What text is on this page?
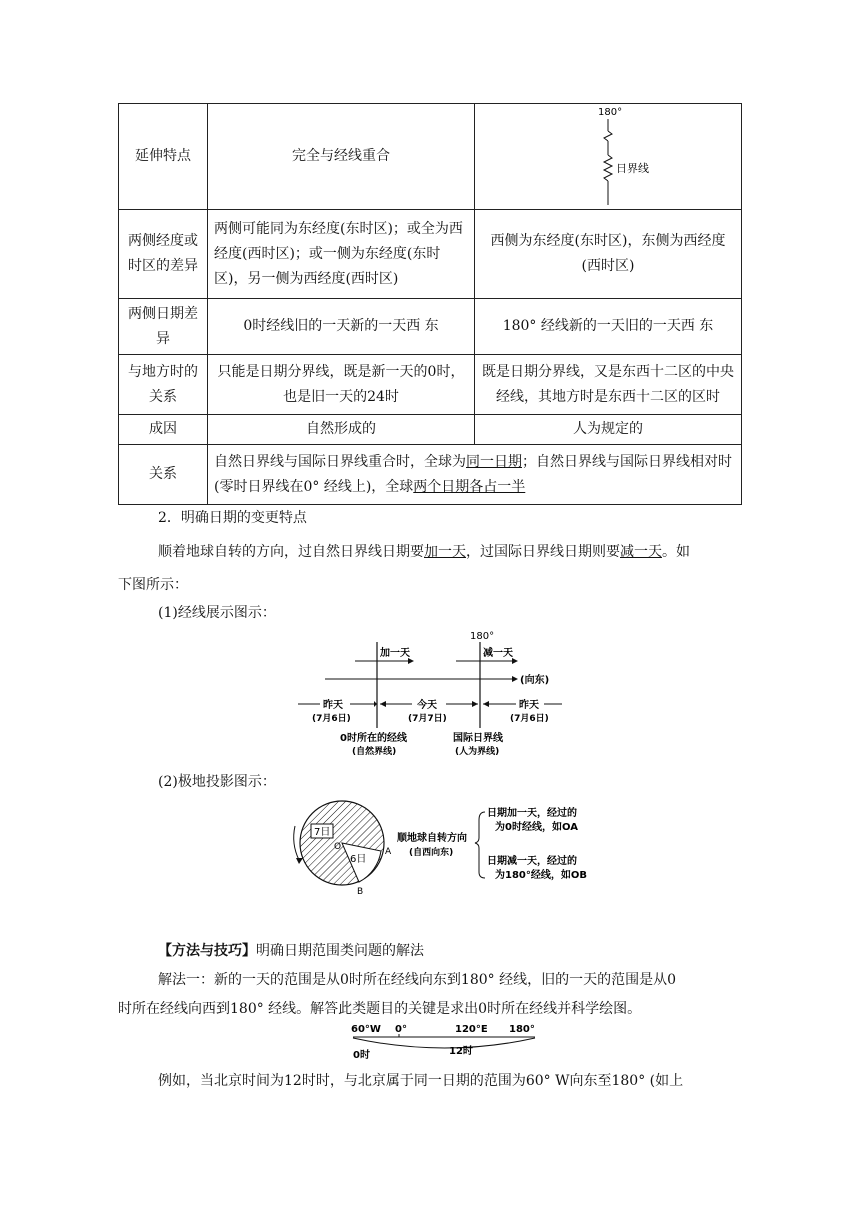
延伸特点	完全与经线重合	180°
日界线

两侧经度或时区的差异	两侧可能同为东经度(东时区)；或全为西经度(西时区)；或一侧为东经度(东时区)，另一侧为西经度(西时区)	西侧为东经度(东时区)，东侧为西经度(西时区)
两侧日期差异	0时经线旧的一天新的一天西 东	180° 经线新的一天旧的一天西 东
与地方时的关系	只能是日期分界线，既是新一天的0时，也是旧一天的24时	既是日期分界线，又是东西十二区的中央经线，其地方时是东西十二区的区时
成因	自然形成的	人为规定的
关系	自然日界线与国际日界线重合时，全球为同一日期；自然日界线与国际日界线相对时(零时日界线在0° 经线上)，全球两个日期各占一半	
2．明确日期的变更特点
顺着地球自转的方向，过自然日界线日期要加一天，过国际日界线日期则要减一天。如
下图所示：
(1)经线展示图示：
180°
加一天	减一天
(向东)
昨天
(7月6日)
今天
(7月7日)
昨天
(7月6日)
0时所在的经线
(自然界线)
国际日界线
(人为界线)
(2)极地投影图示：
7日
O
6日
A
B
顺地球自转方向
(自西向东)
日期加一天，经过的
为0时经线，如OA
日期减一天，经过的
为180°经线，如OB
【方法与技巧】明确日期范围类问题的解法
解法一：新的一天的范围是从0时所在经线向东到180° 经线，旧的一天的范围是从0
时所在经线向西到180° 经线。解答此类题目的关键是求出0时所在经线并科学绘图。
60°W 0°	120°E 180°
0时	12时
例如，当北京时间为12时时，与北京属于同一日期的范围为60° W向东至180° (如上
